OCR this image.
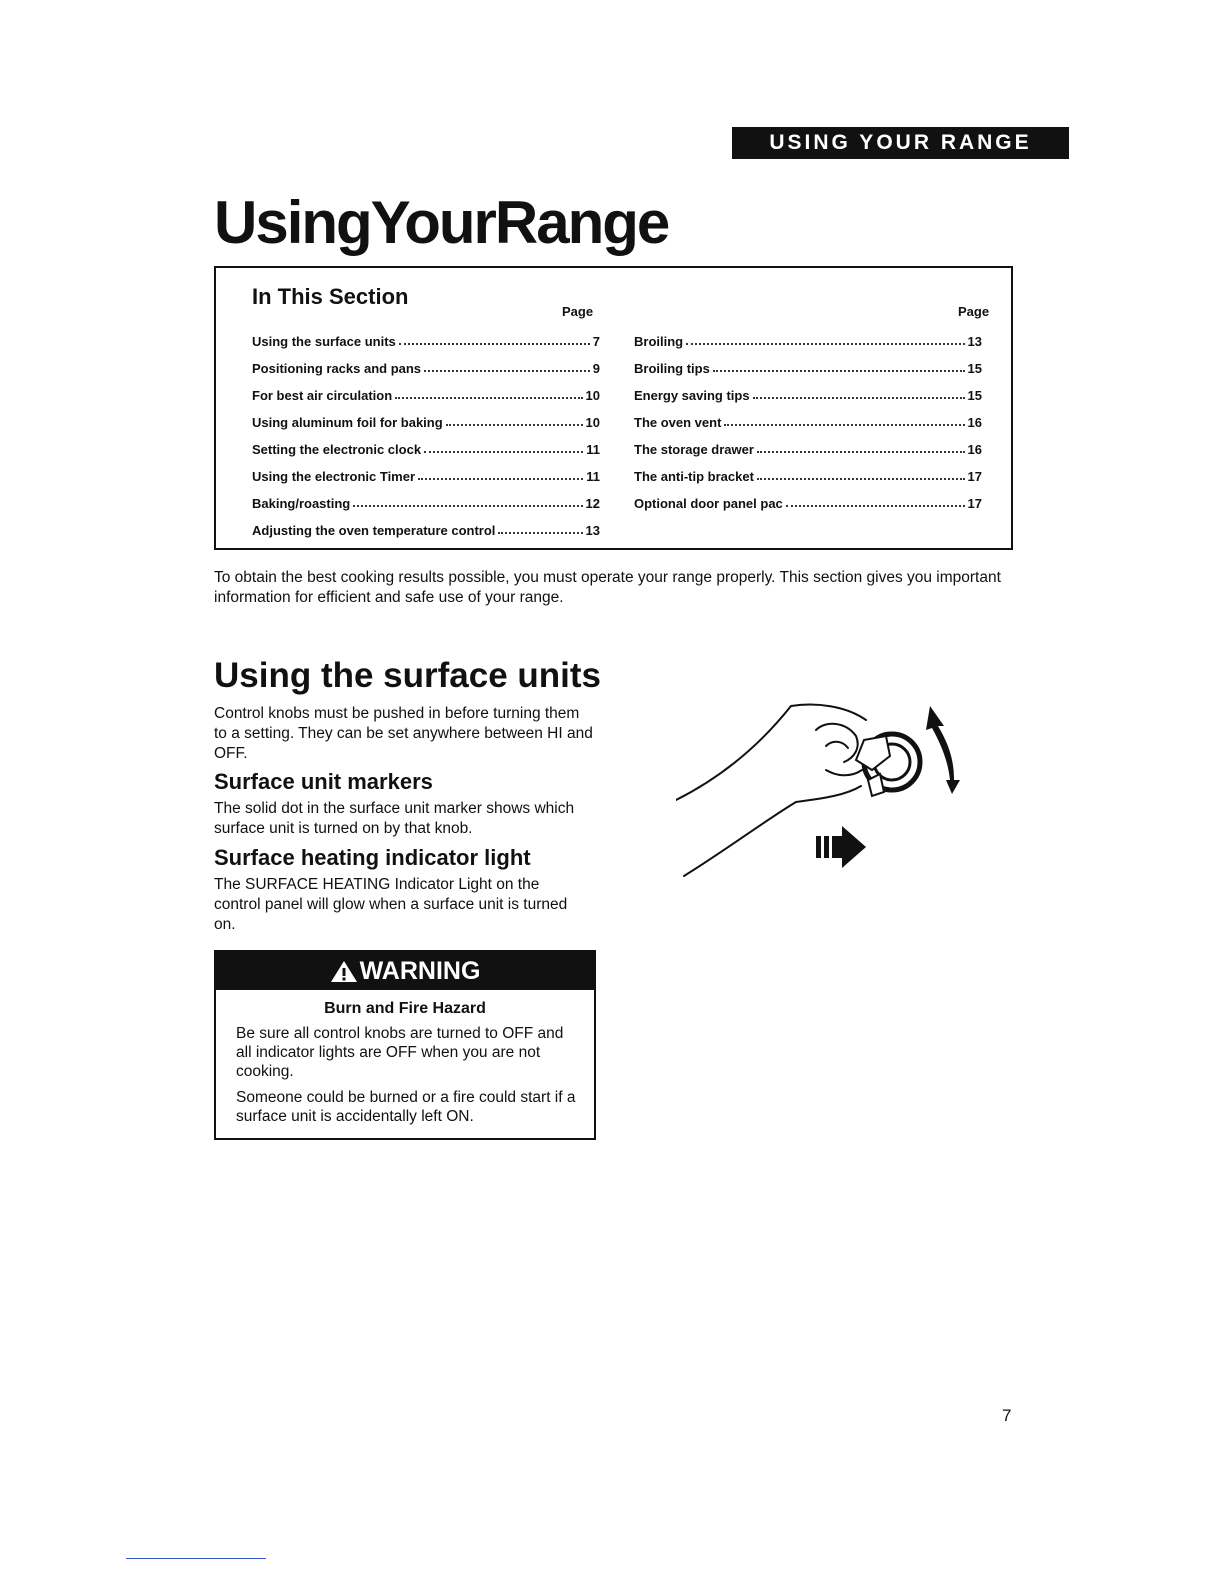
USING YOUR RANGE
UsingYourRange
In This Section
Page	Page
Using the surface units	7
Positioning racks and pans	9
For best air circulation	10
Using aluminum foil for baking	10
Setting the electronic clock	11
Using the electronic Timer	11
Baking/roasting	12
Adjusting the oven temperature control	13
Broiling	13
Broiling tips	15
Energy saving tips	15
The oven vent	16
The storage drawer	16
The anti-tip bracket	17
Optional door panel pac	17
To obtain the best cooking results possible, you must operate your range properly. This section gives you important information for efficient and safe use of your range.
Using the surface units
Control knobs must be pushed in before turning them to a setting. They can be set anywhere between HI and OFF.
Surface unit markers
The solid dot in the surface unit marker shows which surface unit is turned on by that knob.
Surface heating indicator light
The SURFACE HEATING Indicator Light on the control panel will glow when a surface unit is turned on.
WARNING
Burn and Fire Hazard
Be sure all control knobs are turned to OFF and all indicator lights are OFF when you are not cooking.
Someone could be burned or a fire could start if a surface unit is accidentally left ON.
7
